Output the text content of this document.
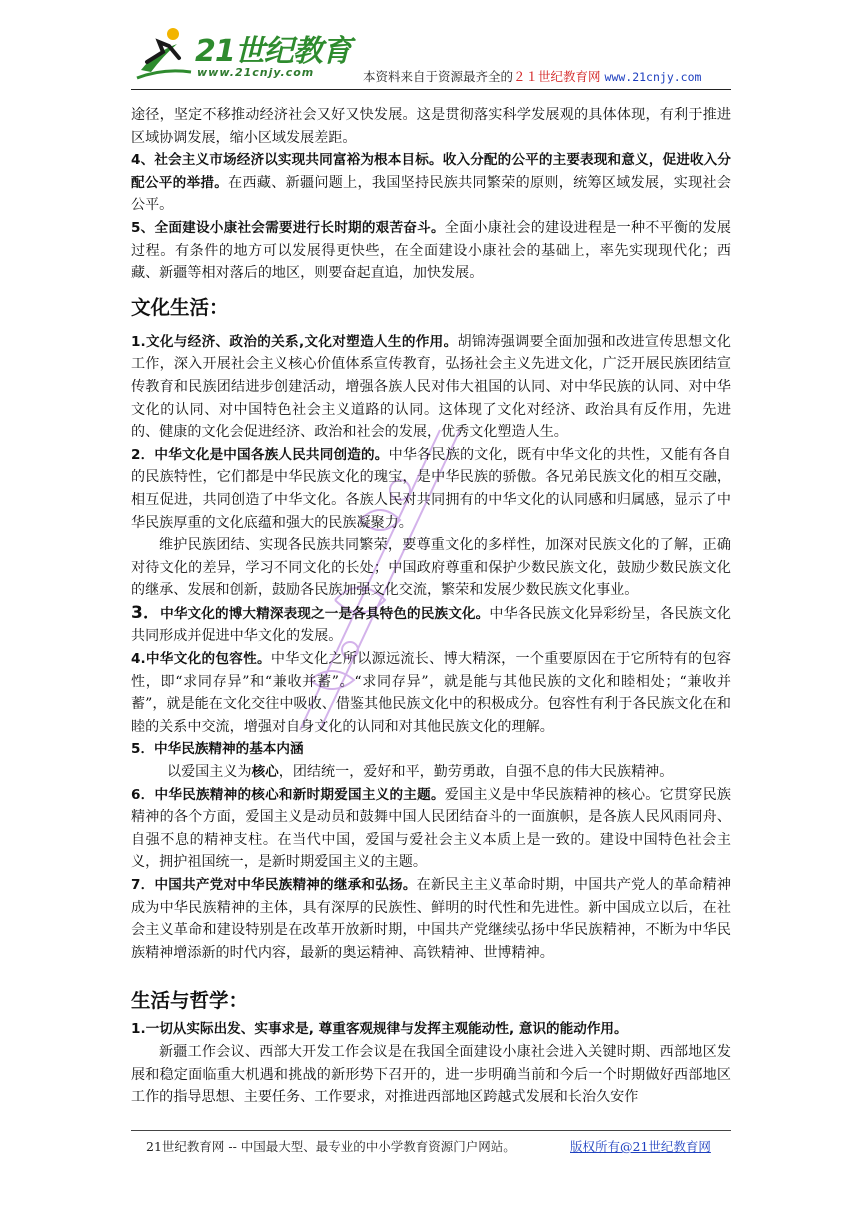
21世纪教育
www.21cnjy.com	本资料来自于资源最齐全的２１世纪教育网 www.21cnjy.com

途径，坚定不移推动经济社会又好又快发展。这是贯彻落实科学发展观的具体体现，有利于推进区域协调发展，缩小区域发展差距。

4、社会主义市场经济以实现共同富裕为根本目标。收入分配的公平的主要表现和意义，促进收入分配公平的举措。在西藏、新疆问题上，我国坚持民族共同繁荣的原则，统筹区域发展，实现社会公平。

5、全面建设小康社会需要进行长时期的艰苦奋斗。全面小康社会的建设进程是一种不平衡的发展过程。有条件的地方可以发展得更快些，在全面建设小康社会的基础上，率先实现现代化；西藏、新疆等相对落后的地区，则要奋起直追，加快发展。

文化生活：

1.文化与经济、政治的关系,文化对塑造人生的作用。胡锦涛强调要全面加强和改进宣传思想文化工作，深入开展社会主义核心价值体系宣传教育，弘扬社会主义先进文化，广泛开展民族团结宣传教育和民族团结进步创建活动，增强各族人民对伟大祖国的认同、对中华民族的认同、对中华文化的认同、对中国特色社会主义道路的认同。这体现了文化对经济、政治具有反作用，先进的、健康的文化会促进经济、政治和社会的发展，优秀文化塑造人生。

2．中华文化是中国各族人民共同创造的。中华各民族的文化，既有中华文化的共性，又能有各自的民族特性，它们都是中华民族文化的瑰宝，是中华民族的骄傲。各兄弟民族文化的相互交融，相互促进，共同创造了中华文化。各族人民对共同拥有的中华文化的认同感和归属感，显示了中华民族厚重的文化底蕴和强大的民族凝聚力。

维护民族团结、实现各民族共同繁荣，要尊重文化的多样性，加深对民族文化的了解，正确对待文化的差异，学习不同文化的长处；中国政府尊重和保护少数民族文化，鼓励少数民族文化的继承、发展和创新，鼓励各民族加强文化交流，繁荣和发展少数民族文化事业。

3．中华文化的博大精深表现之一是各具特色的民族文化。中华各民族文化异彩纷呈，各民族文化共同形成并促进中华文化的发展。

4.中华文化的包容性。中华文化之所以源远流长、博大精深，一个重要原因在于它所特有的包容性，即“求同存异”和“兼收并蓄”。“求同存异”，就是能与其他民族的文化和睦相处；“兼收并蓄”，就是能在文化交往中吸收、借鉴其他民族文化中的积极成分。包容性有利于各民族文化在和睦的关系中交流，增强对自身文化的认同和对其他民族文化的理解。

5．中华民族精神的基本内涵

以爱国主义为核心，团结统一，爱好和平，勤劳勇敢，自强不息的伟大民族精神。

6．中华民族精神的核心和新时期爱国主义的主题。爱国主义是中华民族精神的核心。它贯穿民族精神的各个方面，爱国主义是动员和鼓舞中国人民团结奋斗的一面旗帜，是各族人民风雨同舟、自强不息的精神支柱。在当代中国，爱国与爱社会主义本质上是一致的。建设中国特色社会主义，拥护祖国统一，是新时期爱国主义的主题。

7．中国共产党对中华民族精神的继承和弘扬。在新民主主义革命时期，中国共产党人的革命精神成为中华民族精神的主体，具有深厚的民族性、鲜明的时代性和先进性。新中国成立以后，在社会主义革命和建设特别是在改革开放新时期，中国共产党继续弘扬中华民族精神，不断为中华民族精神增添新的时代内容，最新的奥运精神、高铁精神、世博精神。

生活与哲学：

1.一切从实际出发、实事求是, 尊重客观规律与发挥主观能动性, 意识的能动作用。

新疆工作会议、西部大开发工作会议是在我国全面建设小康社会进入关键时期、西部地区发展和稳定面临重大机遇和挑战的新形势下召开的，进一步明确当前和今后一个时期做好西部地区工作的指导思想、主要任务、工作要求，对推进西部地区跨越式发展和长治久安作

21世纪教育网 -- 中国最大型、最专业的中小学教育资源门户网站。	版权所有@21世纪教育网
